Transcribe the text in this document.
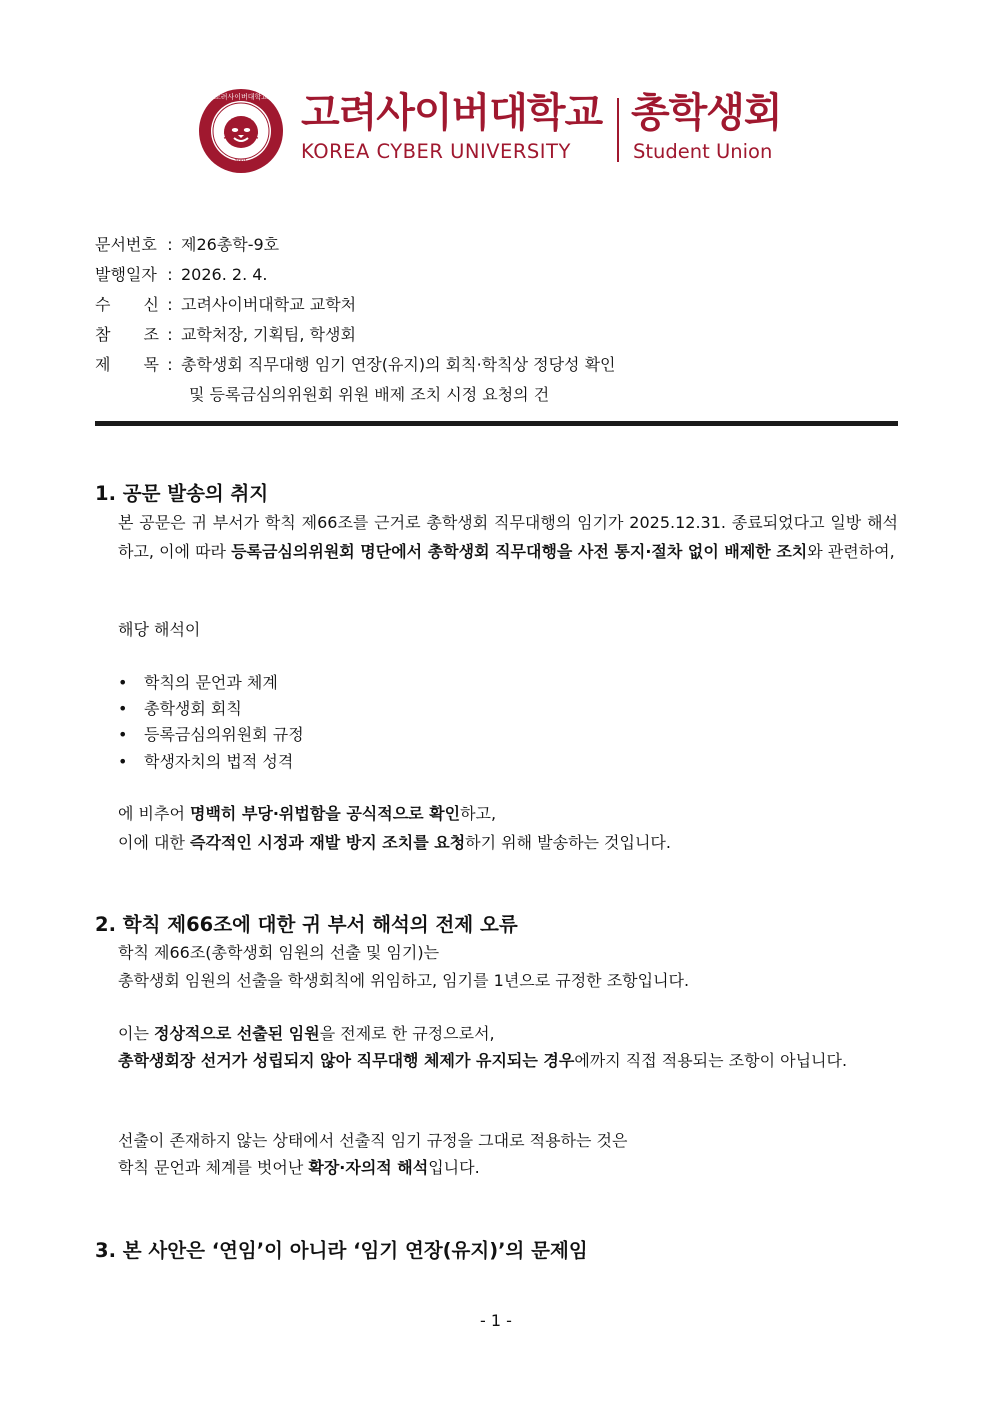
2001
고려사이버대학교 고려사이버대학교
KOREA CYBER UNIVERSITY
총학생회
Student Union
문서번호 : 제26총학-9호
발행일자 : 2026. 2. 4.
수 신 : 고려사이버대학교 교학처
참 조 : 교학처장, 기획팀, 학생회
제 목 : 총학생회 직무대행 임기 연장(유지)의 회칙·학칙상 정당성 확인
및 등록금심의위원회 위원 배제 조치 시정 요청의 건
1. 공문 발송의 취지
본 공문은 귀 부서가 학칙 제66조를 근거로 총학생회 직무대행의 임기가 2025.12.31. 종료되었다고 일방 해석하고, 이에 따라 등록금심의위원회 명단에서 총학생회 직무대행을 사전 통지·절차 없이 배제한 조치와 관련하여,
해당 해석이
• 학칙의 문언과 체계
• 총학생회 회칙
• 등록금심의위원회 규정
• 학생자치의 법적 성격
에 비추어 명백히 부당·위법함을 공식적으로 확인하고,
이에 대한 즉각적인 시정과 재발 방지 조치를 요청하기 위해 발송하는 것입니다.
2. 학칙 제66조에 대한 귀 부서 해석의 전제 오류
학칙 제66조(총학생회 임원의 선출 및 임기)는
총학생회 임원의 선출을 학생회칙에 위임하고, 임기를 1년으로 규정한 조항입니다.
이는 정상적으로 선출된 임원을 전제로 한 규정으로서,
총학생회장 선거가 성립되지 않아 직무대행 체제가 유지되는 경우에까지 직접 적용되는 조항이 아닙니다.
선출이 존재하지 않는 상태에서 선출직 임기 규정을 그대로 적용하는 것은
학칙 문언과 체계를 벗어난 확장·자의적 해석입니다.
3. 본 사안은 ‘연임’이 아니라 ‘임기 연장(유지)’의 문제임
- 1 -
